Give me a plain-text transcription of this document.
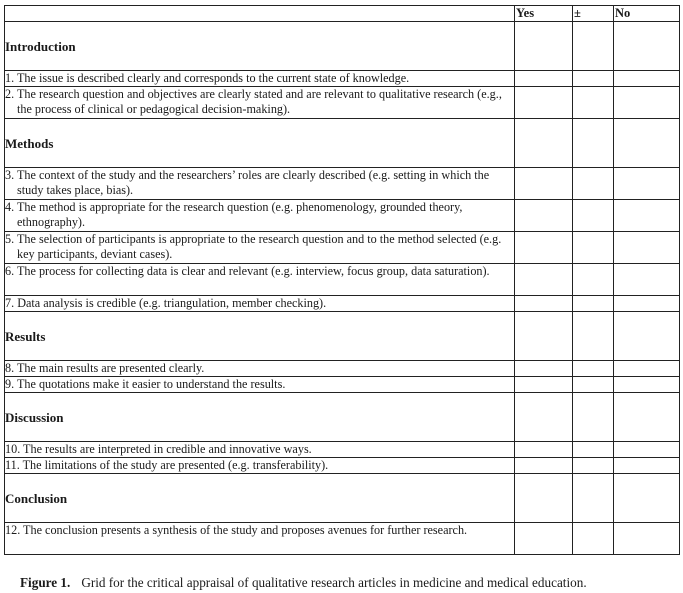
	Yes	±	No
Introduction			

1. The issue is described clearly and corresponds to the current state of knowledge.			

2. The research question and objectives are clearly stated and are relevant to qualitative research (e.g., the process of clinical or pedagogical decision-making).			

Methods			

3. The context of the study and the researchers’ roles are clearly described (e.g. setting in which the study takes place, bias).			

4. The method is appropriate for the research question (e.g. phenomenology, grounded theory, ethnography).			

5. The selection of participants is appropriate to the research question and to the method selected (e.g. key participants, deviant cases).			

6. The process for collecting data is clear and relevant (e.g. interview, focus group, data saturation).			

7. Data analysis is credible (e.g. triangulation, member checking).			

Results			

8. The main results are presented clearly.			

9. The quotations make it easier to understand the results.			

Discussion			

10. The results are interpreted in credible and innovative ways.			

11. The limitations of the study are presented (e.g. transferability).			

Conclusion			

12. The conclusion presents a synthesis of the study and proposes avenues for further research.			

Figure 1. Grid for the critical appraisal of qualitative research articles in medicine and medical education.
